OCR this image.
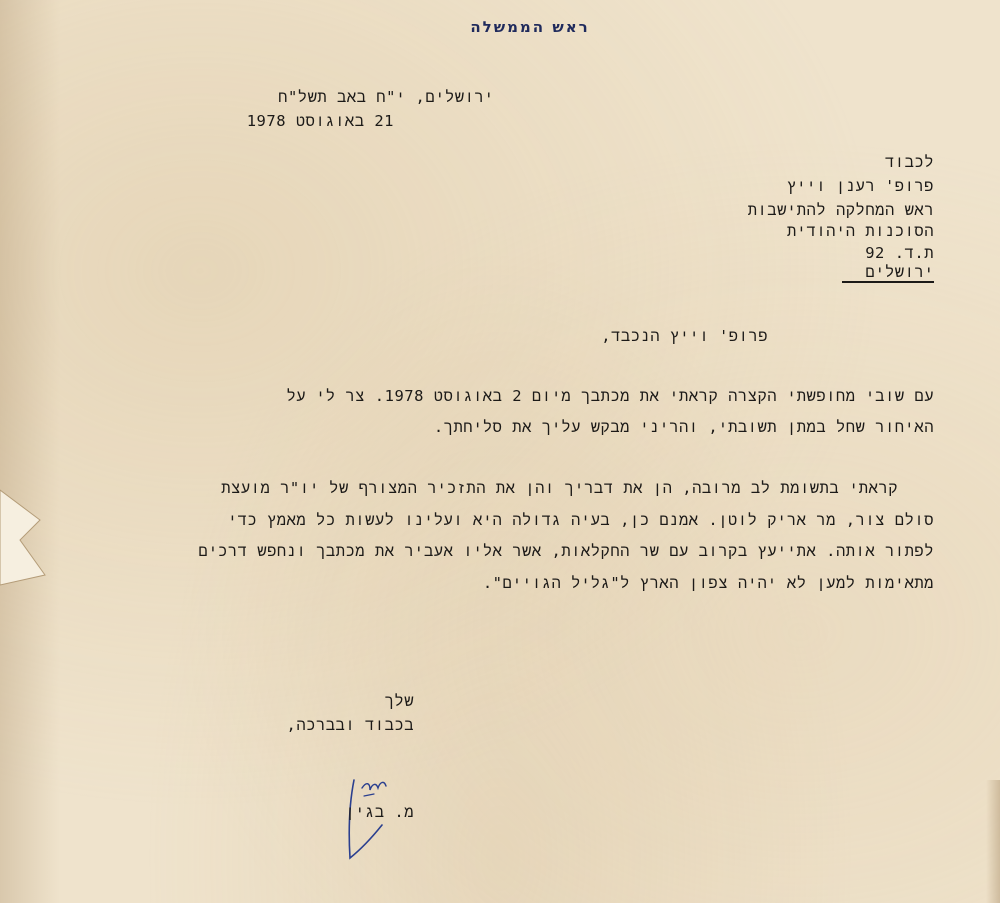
ראש הממשלה
ירושלים, י"ח באב תשל"ח
21 באוגוסט 1978
לכבוד
פרופ' רענן וייץ
ראש המחלקה להתישבות
הסוכנות היהודית
ת.ד. 92
ירושלים
פרופ' וייץ הנכבד,
עם שובי מחופשתי הקצרה קראתי את מכתבך מיום 2 באוגוסט 1978. צר לי על
האיחור שחל במתן תשובתי, והריני מבקש עליך את סליחתך.
קראתי בתשומת לב מרובה, הן את דבריך והן את התזכיר המצורף של יו"ר מועצת
סולם צור, מר אריק לוטן. אמנם כן, בעיה גדולה היא ועלינו לעשות כל מאמץ כדי
לפתור אותה. אתייעץ בקרוב עם שר החקלאות, אשר אליו אעביר את מכתבך ונחפש דרכים
מתאימות למען לא יהיה צפון הארץ ל"גליל הגויים".
שלך
בכבוד ובברכה,
מ. בגין
